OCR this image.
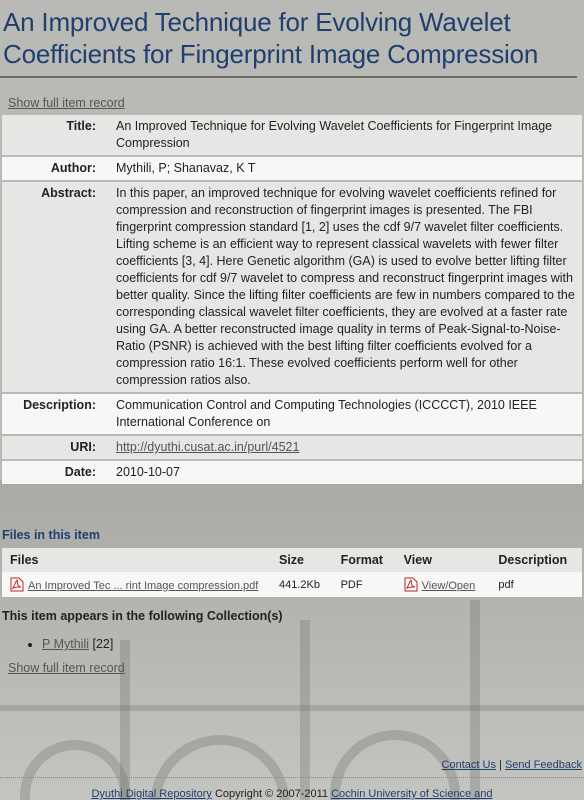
An Improved Technique for Evolving Wavelet Coefficients for Fingerprint Image Compression
Show full item record
Title:	An Improved Technique for Evolving Wavelet Coefficients for Fingerprint Image Compression
Author:	Mythili, P; Shanavaz, K T
Abstract:	In this paper, an improved technique for evolving wavelet coefficients refined for compression and reconstruction of fingerprint images is presented. The FBI fingerprint compression standard [1, 2] uses the cdf 9/7 wavelet filter coefficients. Lifting scheme is an efficient way to represent classical wavelets with fewer filter coefficients [3, 4]. Here Genetic algorithm (GA) is used to evolve better lifting filter coefficients for cdf 9/7 wavelet to compress and reconstruct fingerprint images with better quality. Since the lifting filter coefficients are few in numbers compared to the corresponding classical wavelet filter coefficients, they are evolved at a faster rate using GA. A better reconstructed image quality in terms of Peak-Signal-to-Noise-Ratio (PSNR) is achieved with the best lifting filter coefficients evolved for a compression ratio 16:1. These evolved coefficients perform well for other compression ratios also.
Description:	Communication Control and Computing Technologies (ICCCCT), 2010 IEEE International Conference on
URI:	http://dyuthi.cusat.ac.in/purl/4521
Date:	2010-10-07
Files in this item
Files	Size	Format	View	Description
An Improved Tec ... rint Image compression.pdf	441.2Kb	PDF	View/Open	pdf
This item appears in the following Collection(s)
• P Mythili [22]
Show full item record
Contact Us | Send Feedback
Dyuthi Digital Repository Copyright © 2007-2011 Cochin University of Science and
